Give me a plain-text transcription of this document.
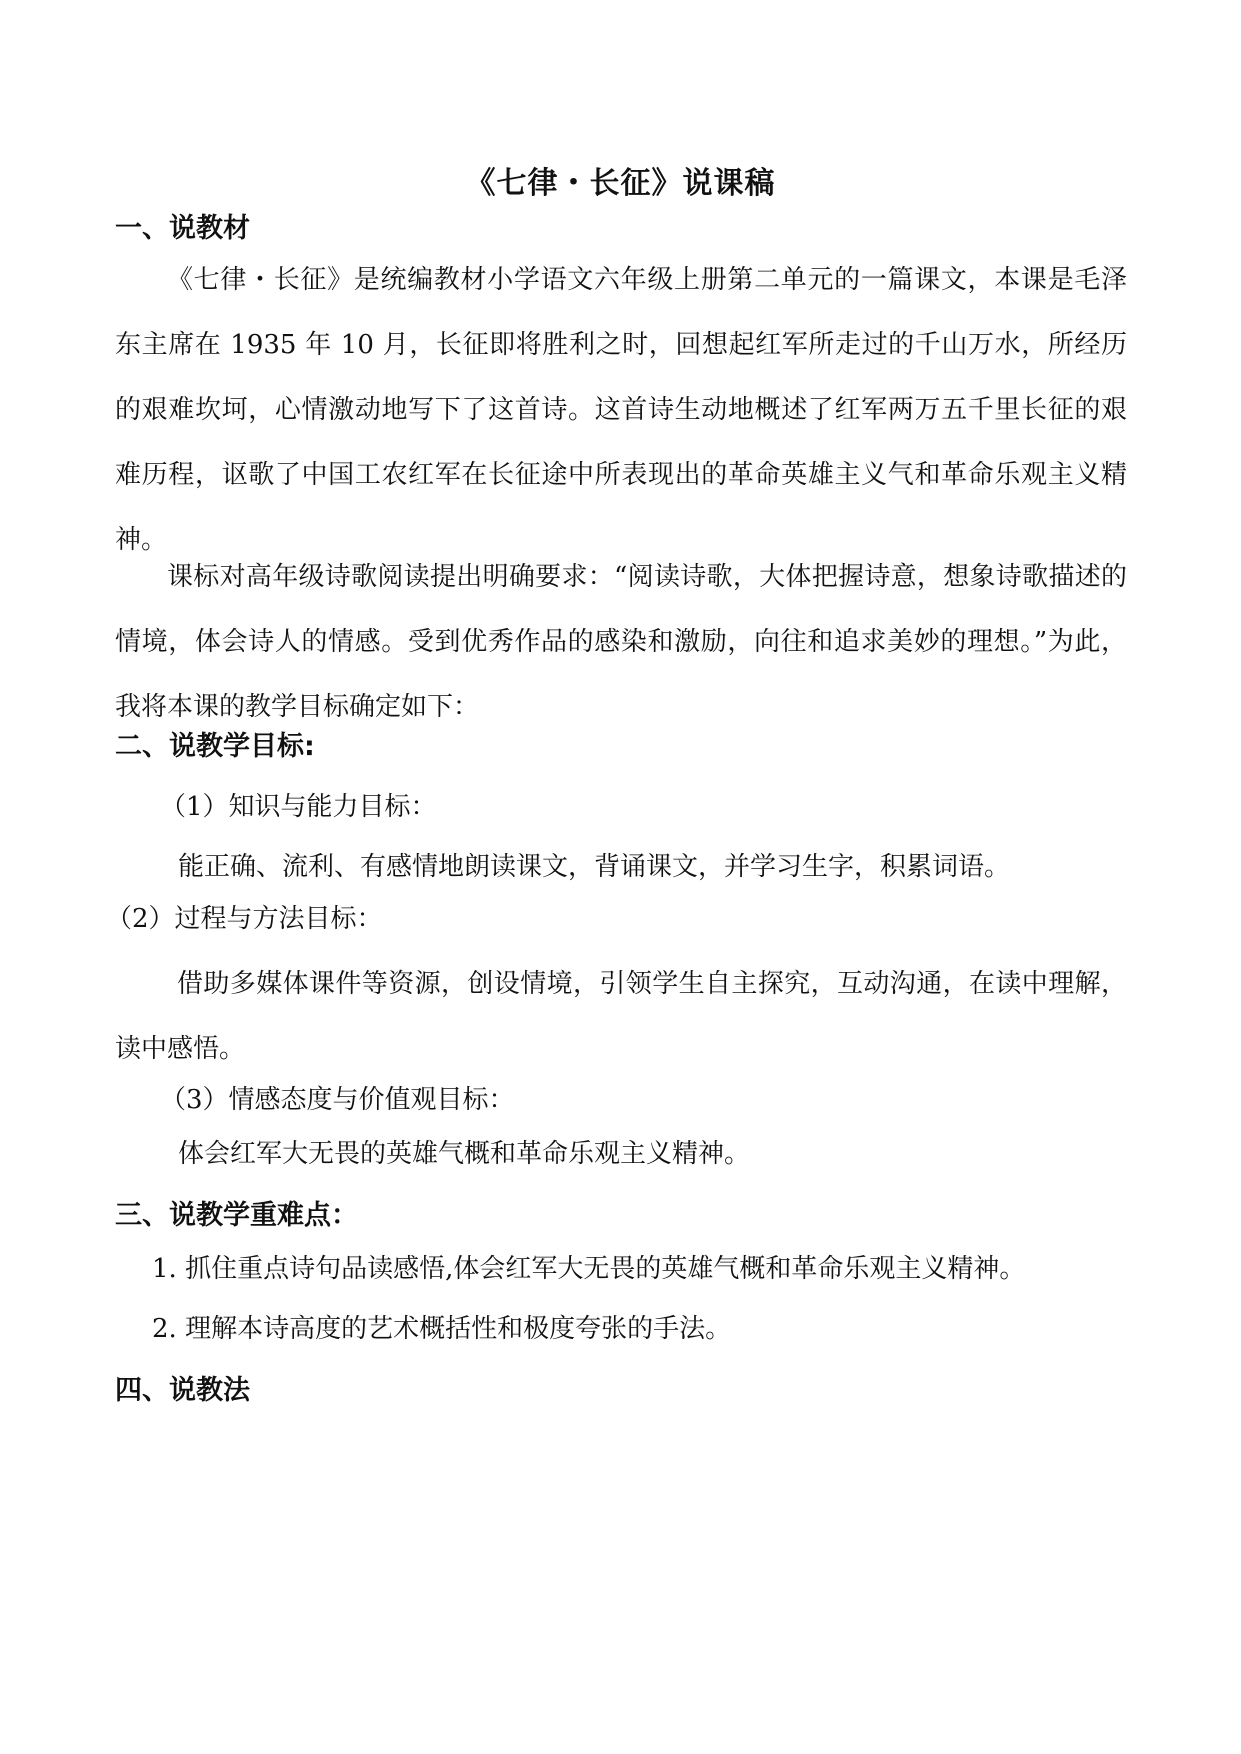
《七律・长征》说课稿
一、说教材
《七律・长征》是统编教材小学语文六年级上册第二单元的一篇课文，本课是毛泽东主席在 1935 年 10 月，长征即将胜利之时，回想起红军所走过的千山万水，所经历的艰难坎坷，心情激动地写下了这首诗。这首诗生动地概述了红军两万五千里长征的艰难历程，讴歌了中国工农红军在长征途中所表现出的革命英雄主义气和革命乐观主义精神。
课标对高年级诗歌阅读提出明确要求：“阅读诗歌，大体把握诗意，想象诗歌描述的情境，体会诗人的情感。受到优秀作品的感染和激励，向往和追求美妙的理想。”为此，我将本课的教学目标确定如下：
二、说教学目标:
（1）知识与能力目标：
能正确、流利、有感情地朗读课文，背诵课文，并学习生字，积累词语。
（2）过程与方法目标：
借助多媒体课件等资源，创设情境，引领学生自主探究，互动沟通，在读中理解，读中感悟。
（3）情感态度与价值观目标：
体会红军大无畏的英雄气概和革命乐观主义精神。
三、说教学重难点：
1. 抓住重点诗句品读感悟,体会红军大无畏的英雄气概和革命乐观主义精神。
2. 理解本诗高度的艺术概括性和极度夸张的手法。
四、说教法
